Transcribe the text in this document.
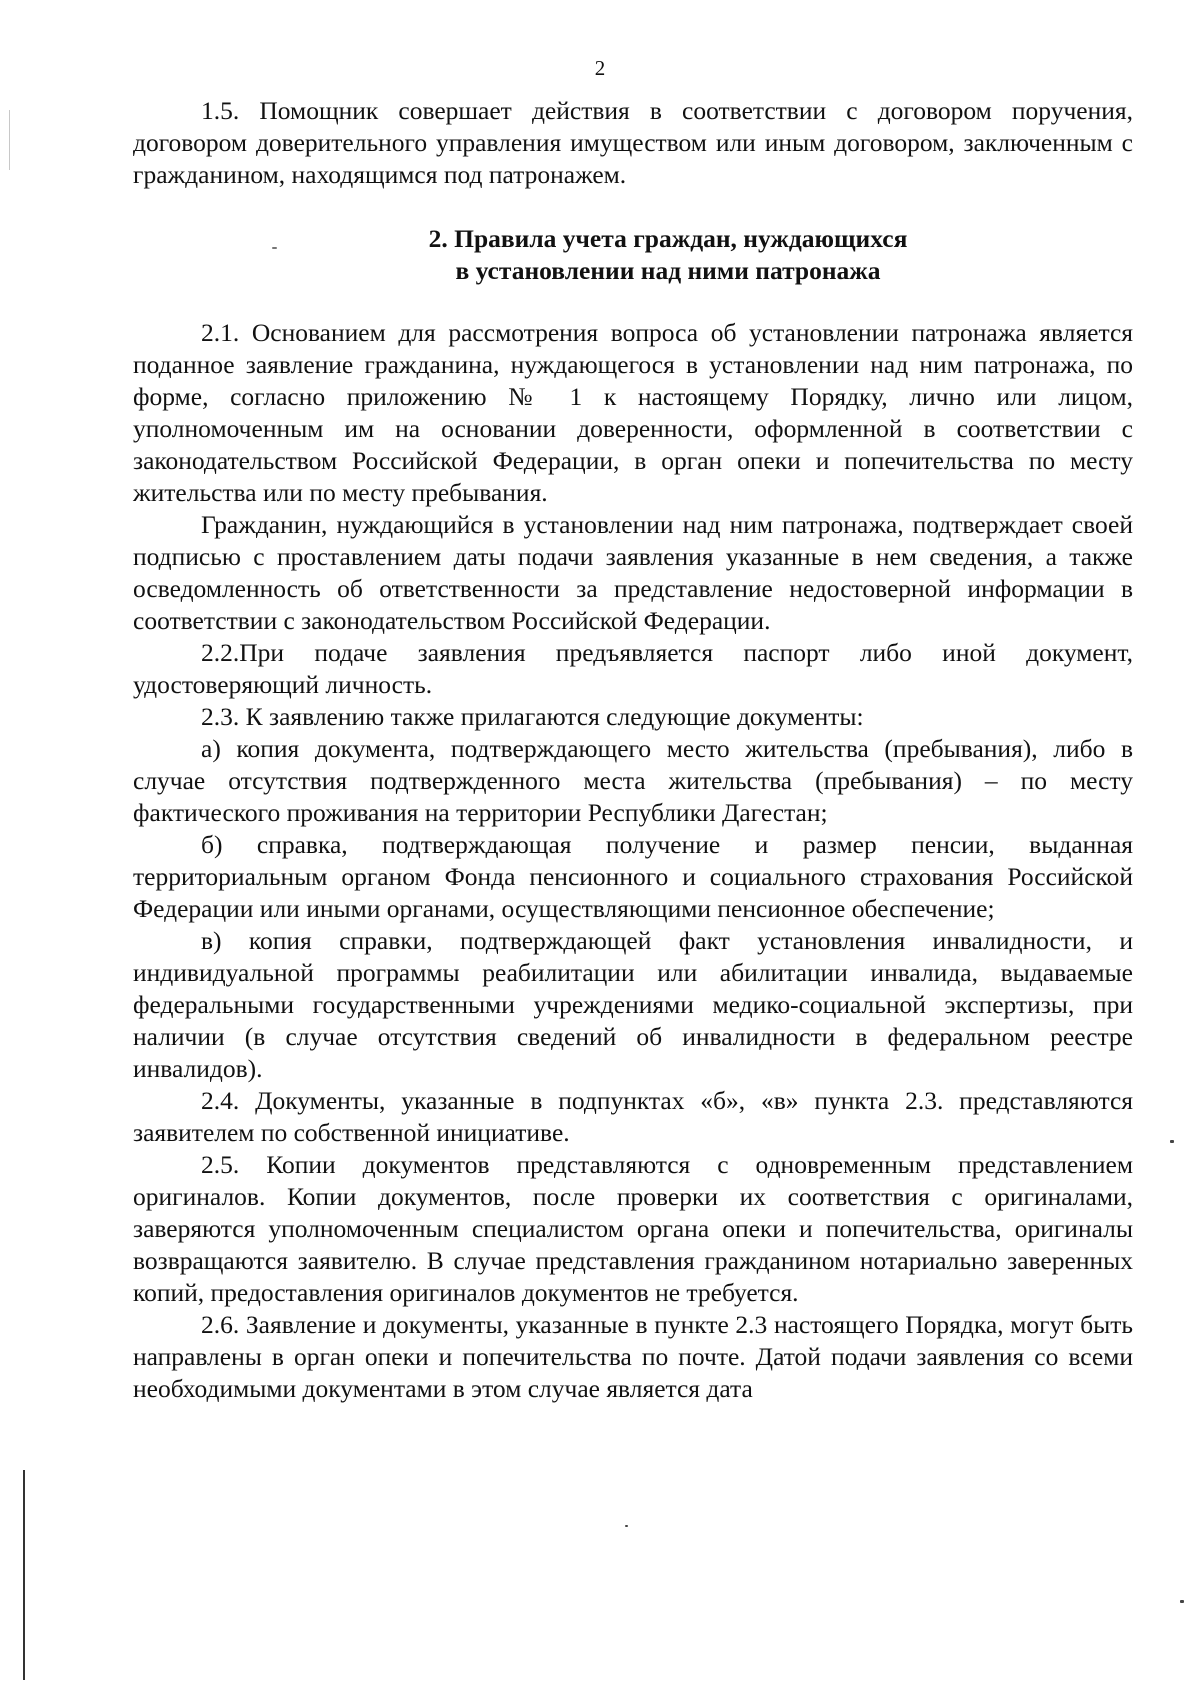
2

1.5. Помощник совершает действия в соответствии с договором поручения, договором доверительного управления имуществом или иным договором, заключенным с гражданином, находящимся под патронажем.

2. Правила учета граждан, нуждающихся
в установлении над ними патронажа

2.1. Основанием для рассмотрения вопроса об установлении патронажа является поданное заявление гражданина, нуждающегося в установлении над ним патронажа, по форме, согласно приложению № 1 к настоящему Порядку, лично или лицом, уполномоченным им на основании доверенности, оформленной в соответствии с законодательством Российской Федерации, в орган опеки и попечительства по месту жительства или по месту пребывания.

Гражданин, нуждающийся в установлении над ним патронажа, подтверждает своей подписью с проставлением даты подачи заявления указанные в нем сведения, а также осведомленность об ответственности за представление недостоверной информации в соответствии с законодательством Российской Федерации.

2.2.При подаче заявления предъявляется паспорт либо иной документ, удостоверяющий личность.

2.3. К заявлению также прилагаются следующие документы:

а) копия документа, подтверждающего место жительства (пребывания), либо в случае отсутствия подтвержденного места жительства (пребывания) – по месту фактического проживания на территории Республики Дагестан;

б) справка, подтверждающая получение и размер пенсии, выданная территориальным органом Фонда пенсионного и социального страхования Российской Федерации или иными органами, осуществляющими пенсионное обеспечение;

в) копия справки, подтверждающей факт установления инвалидности, и индивидуальной программы реабилитации или абилитации инвалида, выдаваемые федеральными государственными учреждениями медико-социальной экспертизы, при наличии (в случае отсутствия сведений об инвалидности в федеральном реестре инвалидов).

2.4. Документы, указанные в подпунктах «б», «в» пункта 2.3. представляются заявителем по собственной инициативе.

2.5. Копии документов представляются с одновременным представлением оригиналов. Копии документов, после проверки их соответствия с оригиналами, заверяются уполномоченным специалистом органа опеки и попечительства, оригиналы возвращаются заявителю. В случае представления гражданином нотариально заверенных копий, предоставления оригиналов документов не требуется.

2.6. Заявление и документы, указанные в пункте 2.3 настоящего Порядка, могут быть направлены в орган опеки и попечительства по почте. Датой подачи заявления со всеми необходимыми документами в этом случае является дата
